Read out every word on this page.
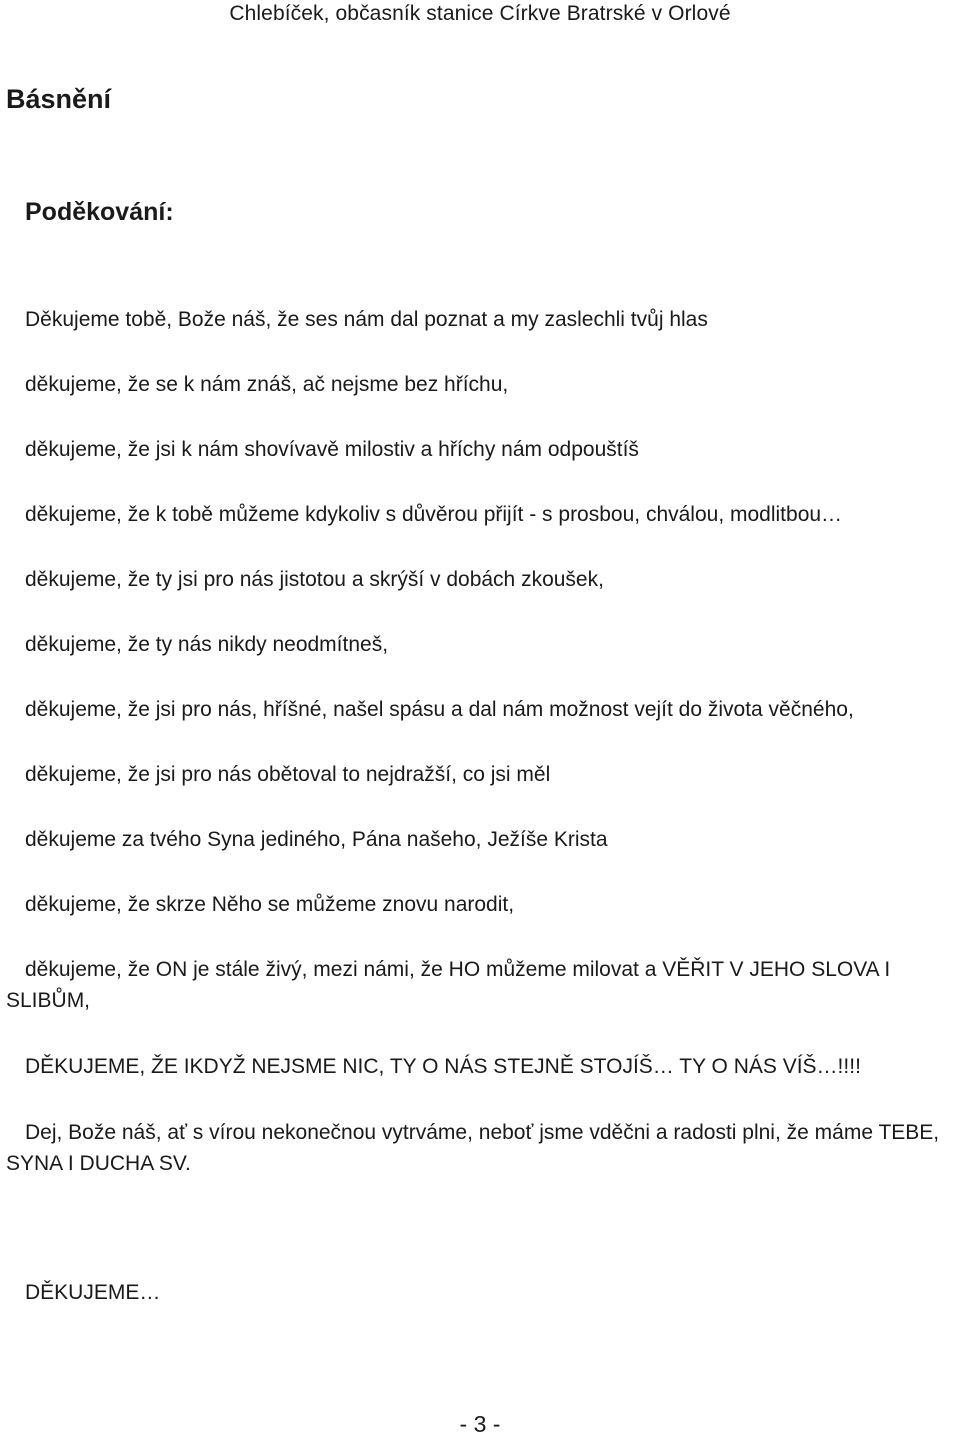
Chlebíček, občasník stanice Církve Bratrské v Orlové
Básnění
Poděkování:

Děkujeme tobě, Bože náš, že ses nám dal poznat a my zaslechli tvůj hlas

děkujeme, že se k nám znáš, ač nejsme bez hříchu,

děkujeme, že jsi k nám shovívavě milostiv a hříchy nám odpouštíš

děkujeme, že k tobě můžeme kdykoliv s důvěrou přijít - s prosbou, chválou, modlitbou…

děkujeme, že ty jsi pro nás jistotou a skrýší v dobách zkoušek,

děkujeme, že ty nás nikdy neodmítneš,

děkujeme, že jsi pro nás, hříšné, našel spásu a dal nám možnost vejít do života věčného,

děkujeme, že jsi pro nás obětoval to nejdražší, co jsi měl

děkujeme za tvého Syna jediného, Pána našeho, Ježíše Krista

děkujeme, že skrze Něho se můžeme znovu narodit,

děkujeme, že ON je stále živý, mezi námi, že HO můžeme milovat a VĚŘIT V JEHO SLOVA I SLIBŮM,

DĚKUJEME, ŽE IKDYŽ NEJSME NIC, TY O NÁS STEJNĚ STOJÍŠ… TY O NÁS VÍŠ…!!!!

Dej, Bože náš, ať s vírou nekonečnou vytrváme, neboť jsme vděčni a radosti plni, že máme TEBE, SYNA I DUCHA SV.

DĚKUJEME…

- 3 -
